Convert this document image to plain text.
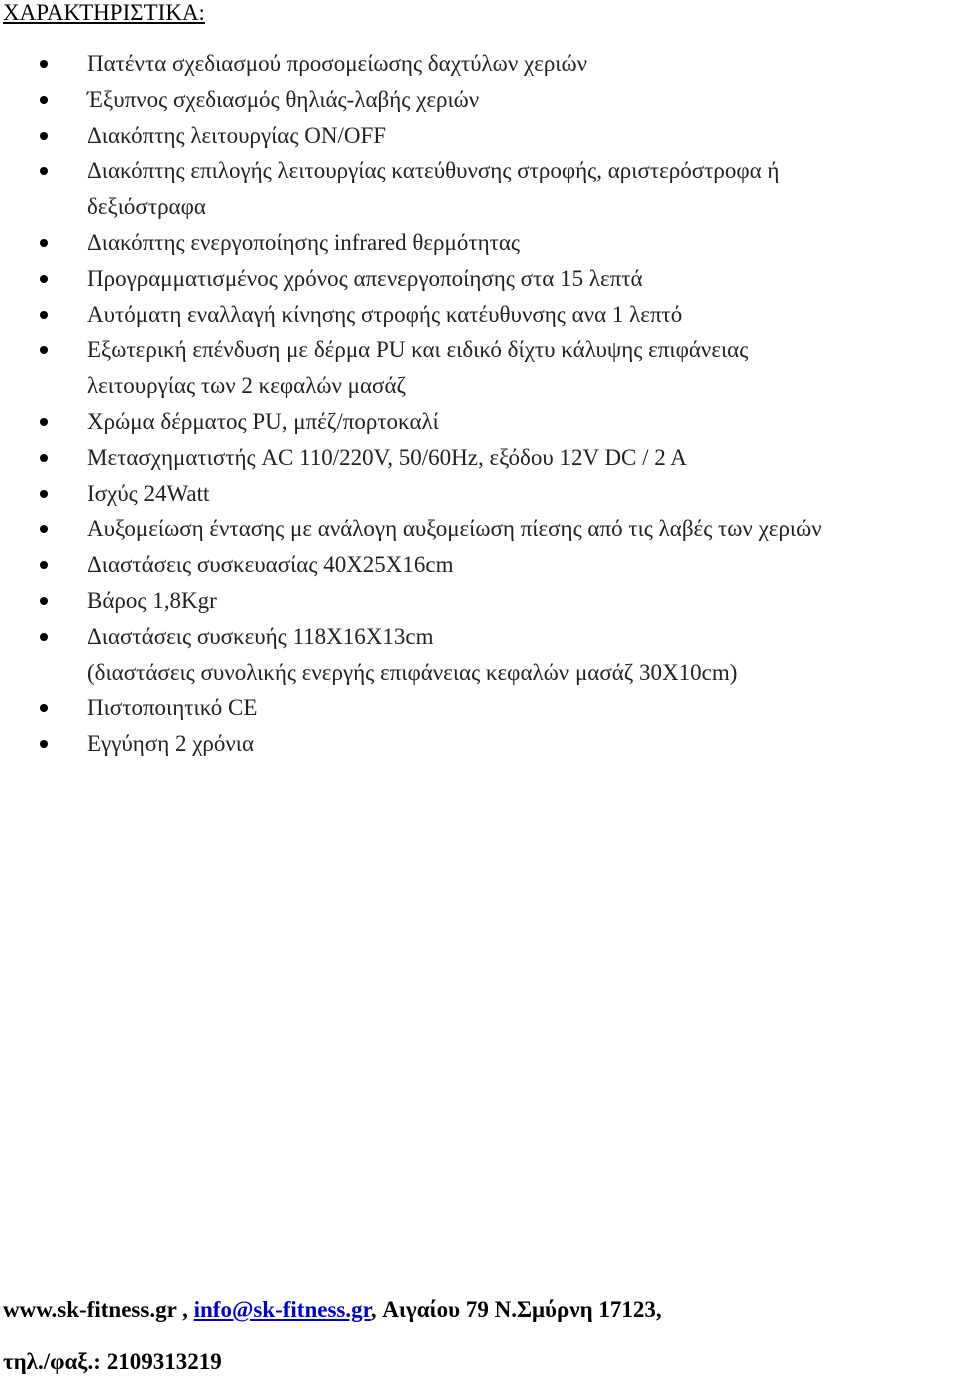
ΧΑΡΑΚΤΗΡΙΣΤΙΚΑ:
Πατέντα σχεδιασμού προσομείωσης δαχτύλων χεριών
Έξυπνος σχεδιασμός θηλιάς-λαβής χεριών
Διακόπτης λειτουργίας ON/OFF
Διακόπτης επιλογής λειτουργίας κατεύθυνσης στροφής, αριστερόστροφα ή
δεξιόστραφα
Διακόπτης ενεργοποίησης infrared θερμότητας
Προγραμματισμένος χρόνος απενεργοποίησης στα 15 λεπτά
Αυτόματη εναλλαγή κίνησης στροφής κατέυθυνσης ανα 1 λεπτό
Εξωτερική επένδυση με δέρμα PU και ειδικό δίχτυ κάλυψης επιφάνειας
λειτουργίας των 2 κεφαλών μασάζ
Χρώμα δέρματος PU, μπέζ/πορτοκαλί
Μετασχηματιστής AC 110/220V, 50/60Hz, εξόδου 12V DC / 2 A
Ισχύς 24Watt
Αυξομείωση έντασης με ανάλογη αυξομείωση πίεσης από τις λαβές των χεριών
Διαστάσεις συσκευασίας 40X25X16cm
Βάρος 1,8Kgr
Διαστάσεις συσκευής 118X16X13cm
(διαστάσεις συνολικής ενεργής επιφάνειας κεφαλών μασάζ 30X10cm)
Πιστοποιητικό CE
Εγγύηση 2 χρόνια
www.sk-fitness.gr , info@sk-fitness.gr, Αιγαίου 79 Ν.Σμύρνη 17123,
τηλ./φαξ.: 2109313219
